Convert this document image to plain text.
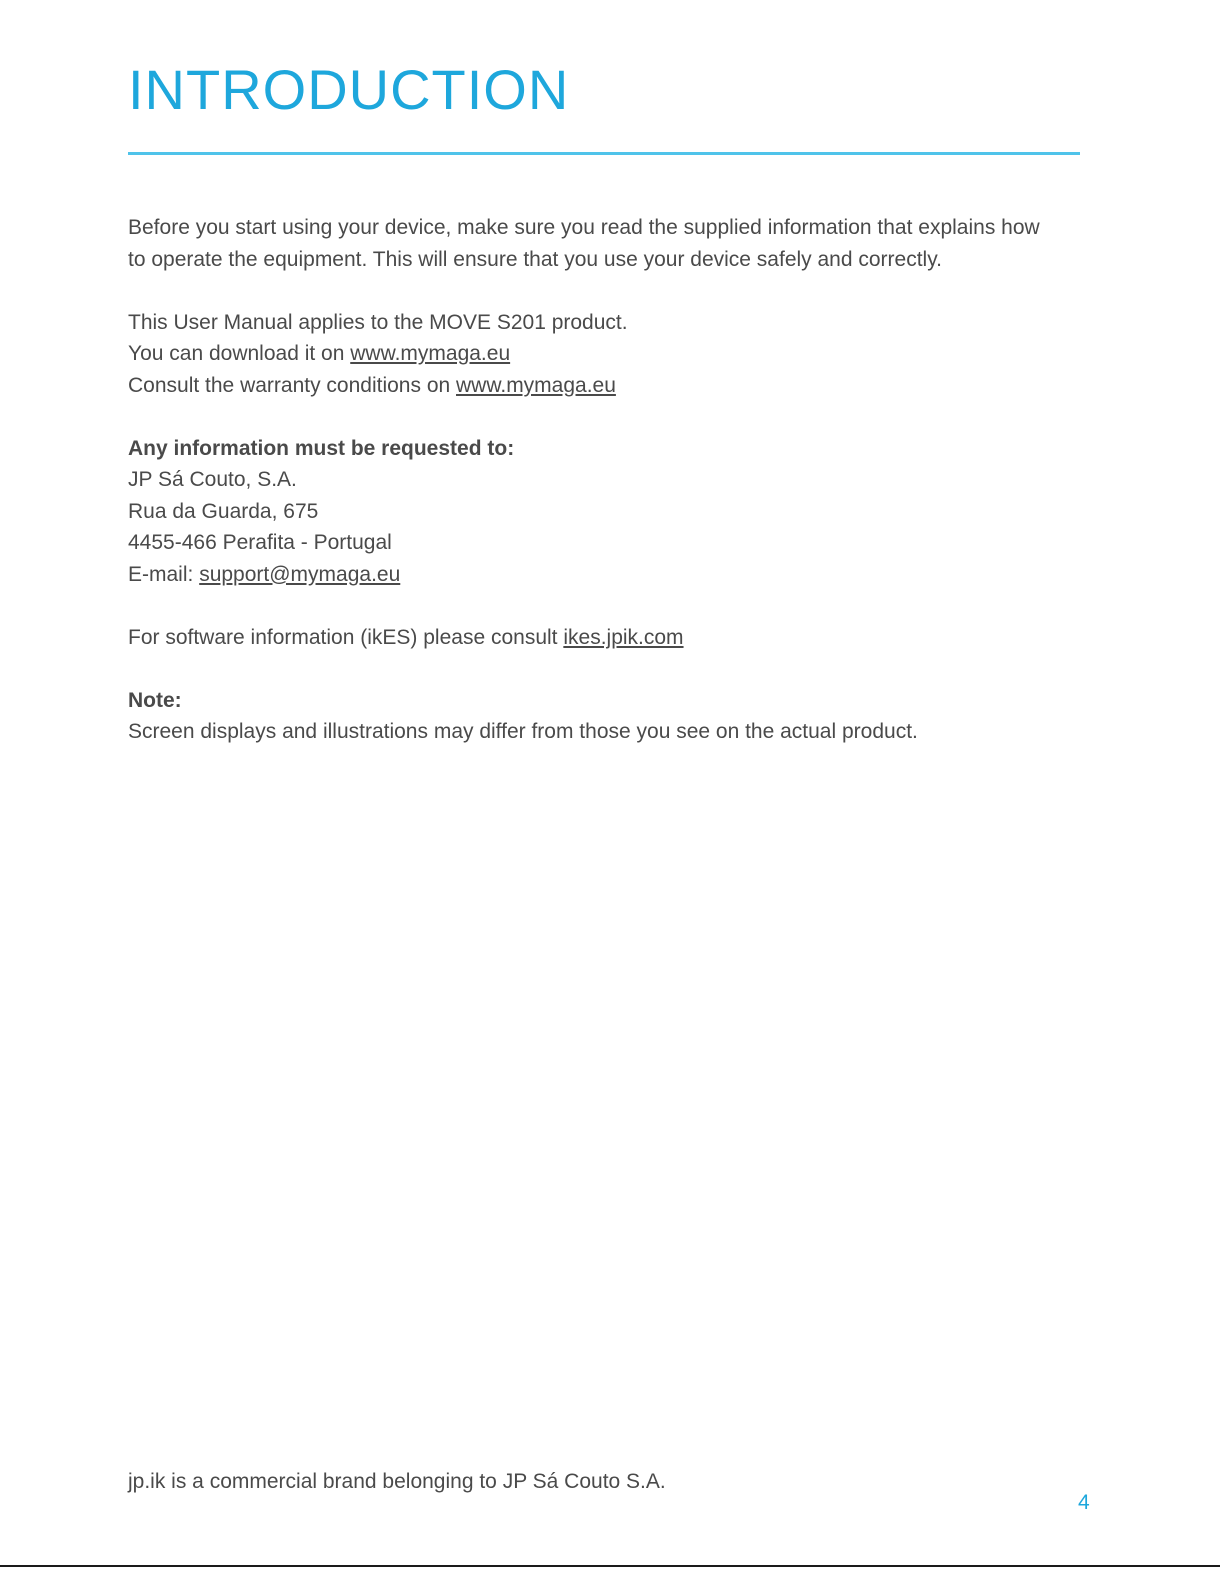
INTRODUCTION

Before you start using your device, make sure you read the supplied information that explains how
to operate the equipment. This will ensure that you use your device safely and correctly.

This User Manual applies to the MOVE S201 product.
You can download it on www.mymaga.eu
Consult the warranty conditions on www.mymaga.eu

Any information must be requested to:
JP Sá Couto, S.A.
Rua da Guarda, 675
4455-466 Perafita - Portugal
E-mail: support@mymaga.eu

For software information (ikES) please consult ikes.jpik.com

Note:
Screen displays and illustrations may differ from those you see on the actual product.

jp.ik is a commercial brand belonging to JP Sá Couto S.A.
4
